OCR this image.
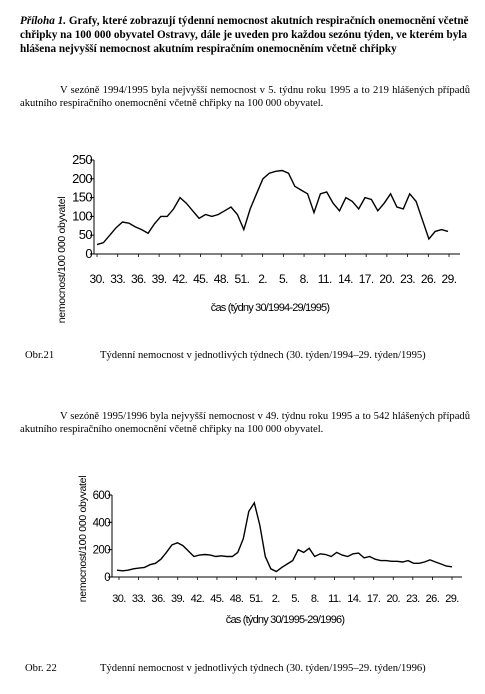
Příloha 1. Grafy, které zobrazují týdenní nemocnost akutních respiračních onemocnění včetně chřipky na 100 000 obyvatel Ostravy, dále je uveden pro každou sezónu týden, ve kterém byla hlášena nejvyšší nemocnost akutním respiračním onemocněním včetně chřipky
V sezóně 1994/1995 byla nejvyšší nemocnost v 5. týdnu roku 1995 a to 219 hlášených případů akutního respiračního onemocnění včetně chřipky na 100 000 obyvatel.
nemocnost/100 000 obyvatel 0
50
100
150
200
250
30. 33. 36. 39. 42. 45. 48. 51. 2. 5. 8. 11. 14. 17. 20. 23. 26. 29.
čas (týdny 30/1994-29/1995)
Obr.21	Týdenní nemocnost v jednotlivých týdnech (30. týden/1994–29. týden/1995)
V sezóně 1995/1996 byla nejvyšší nemocnost v 49. týdnu roku 1995 a to 542 hlášených případů akutního respiračního onemocnění včetně chřipky na 100 000 obyvatel.
nemocnost/100 000 obyvatel 0
200
400
600
30. 33. 36. 39. 42. 45. 48. 51. 2. 5. 8. 11. 14. 17. 20. 23. 26. 29.
čas (týdny 30/1995-29/1996)
Obr. 22	Týdenní nemocnost v jednotlivých týdnech (30. týden/1995–29. týden/1996)
